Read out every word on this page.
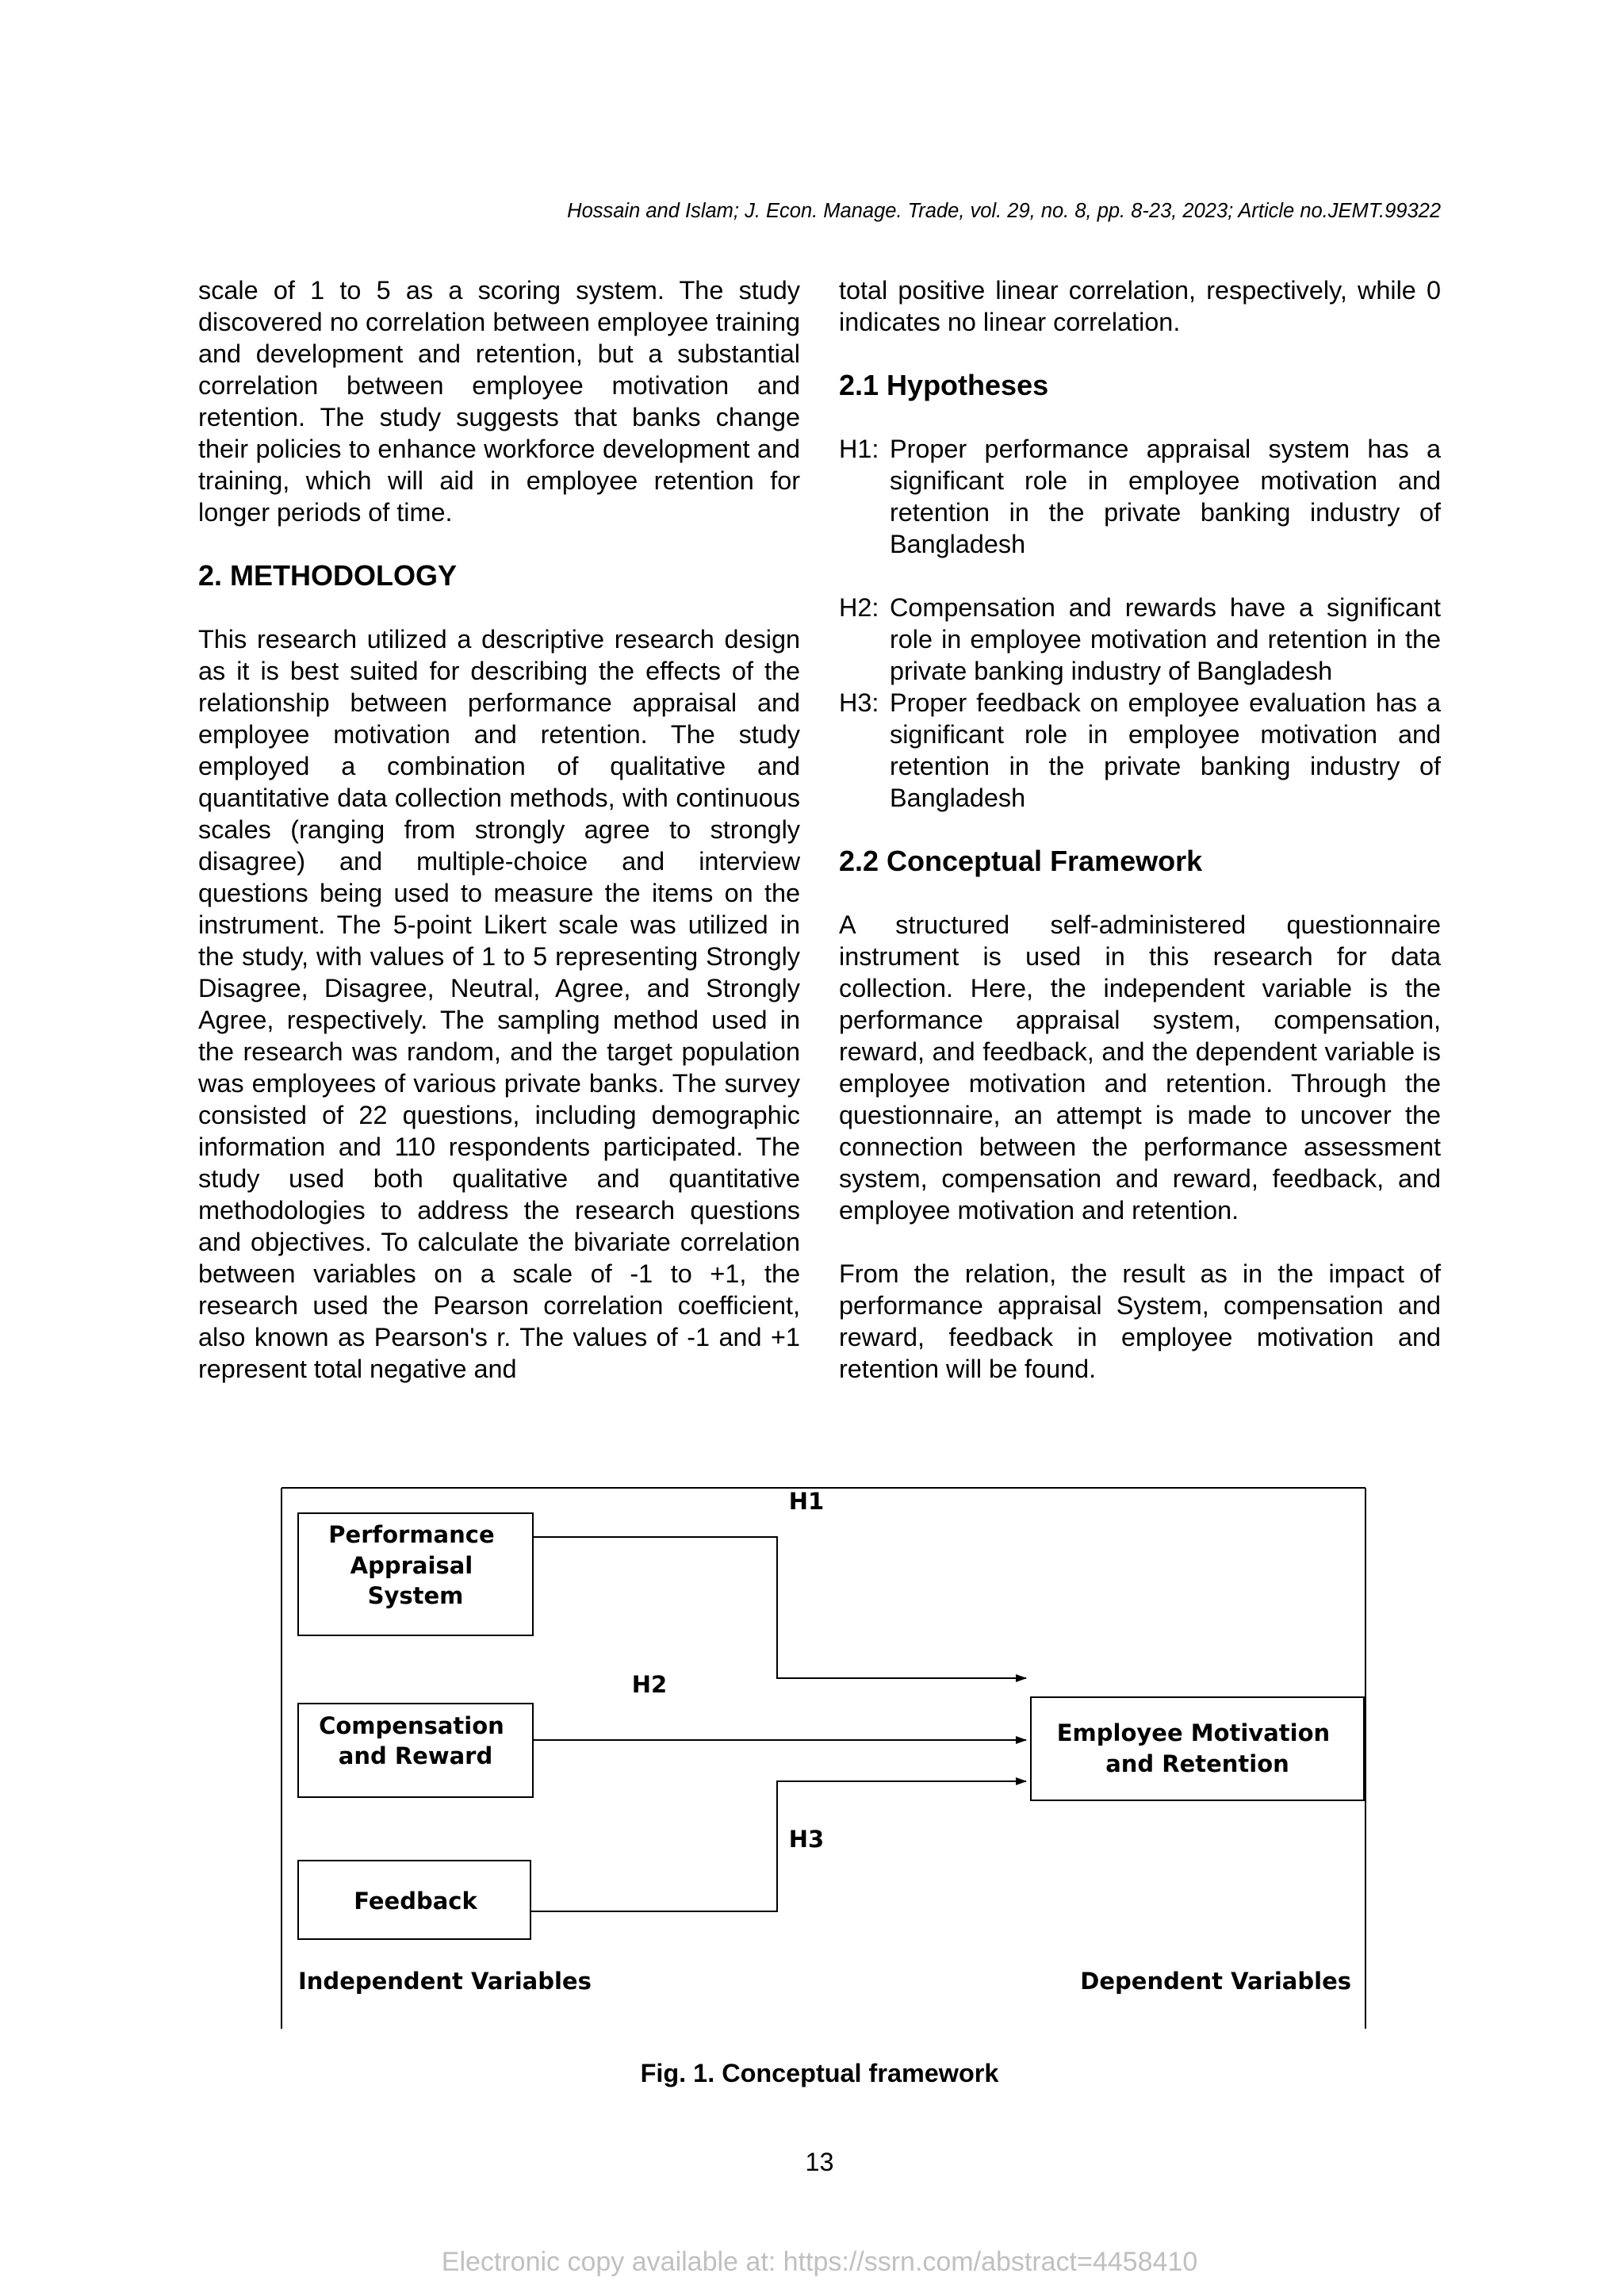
Hossain and Islam; J. Econ. Manage. Trade, vol. 29, no. 8, pp. 8-23, 2023; Article no.JEMT.99322

scale of 1 to 5 as a scoring system. The study discovered no correlation between employee training and development and retention, but a substantial correlation between employee motivation and retention. The study suggests that banks change their policies to enhance workforce development and training, which will aid in employee retention for longer periods of time.

2. METHODOLOGY

This research utilized a descriptive research design as it is best suited for describing the effects of the relationship between performance appraisal and employee motivation and retention. The study employed a combination of qualitative and quantitative data collection methods, with continuous scales (ranging from strongly agree to strongly disagree) and multiple-choice and interview questions being used to measure the items on the instrument. The 5-point Likert scale was utilized in the study, with values of 1 to 5 representing Strongly Disagree, Disagree, Neutral, Agree, and Strongly Agree, respectively. The sampling method used in the research was random, and the target population was employees of various private banks. The survey consisted of 22 questions, including demographic information and 110 respondents participated. The study used both qualitative and quantitative methodologies to address the research questions and objectives. To calculate the bivariate correlation between variables on a scale of -1 to +1, the research used the Pearson correlation coefficient, also known as Pearson's r. The values of -1 and +1 represent total negative and

total positive linear correlation, respectively, while 0 indicates no linear correlation.

2.1 Hypotheses
H1: Proper performance appraisal system has a significant role in employee motivation and retention in the private banking industry of Bangladesh
H2: Compensation and rewards have a significant role in employee motivation and retention in the private banking industry of Bangladesh
H3: Proper feedback on employee evaluation has a significant role in employee motivation and retention in the private banking industry of Bangladesh
2.2 Conceptual Framework

A structured self-administered questionnaire instrument is used in this research for data collection. Here, the independent variable is the performance appraisal system, compensation, reward, and feedback, and the dependent variable is employee motivation and retention. Through the questionnaire, an attempt is made to uncover the connection between the performance assessment system, compensation and reward, feedback, and employee motivation and retention.

From the relation, the result as in the impact of performance appraisal System, compensation and reward, feedback in employee motivation and retention will be found.

Performance Appraisal System
Compensation and Reward
Feedback
Employee Motivation and Retention
H1
H2
H3
Independent Variables	Dependent Variables
Fig. 1. Conceptual framework
13
Electronic copy available at: https://ssrn.com/abstract=4458410
